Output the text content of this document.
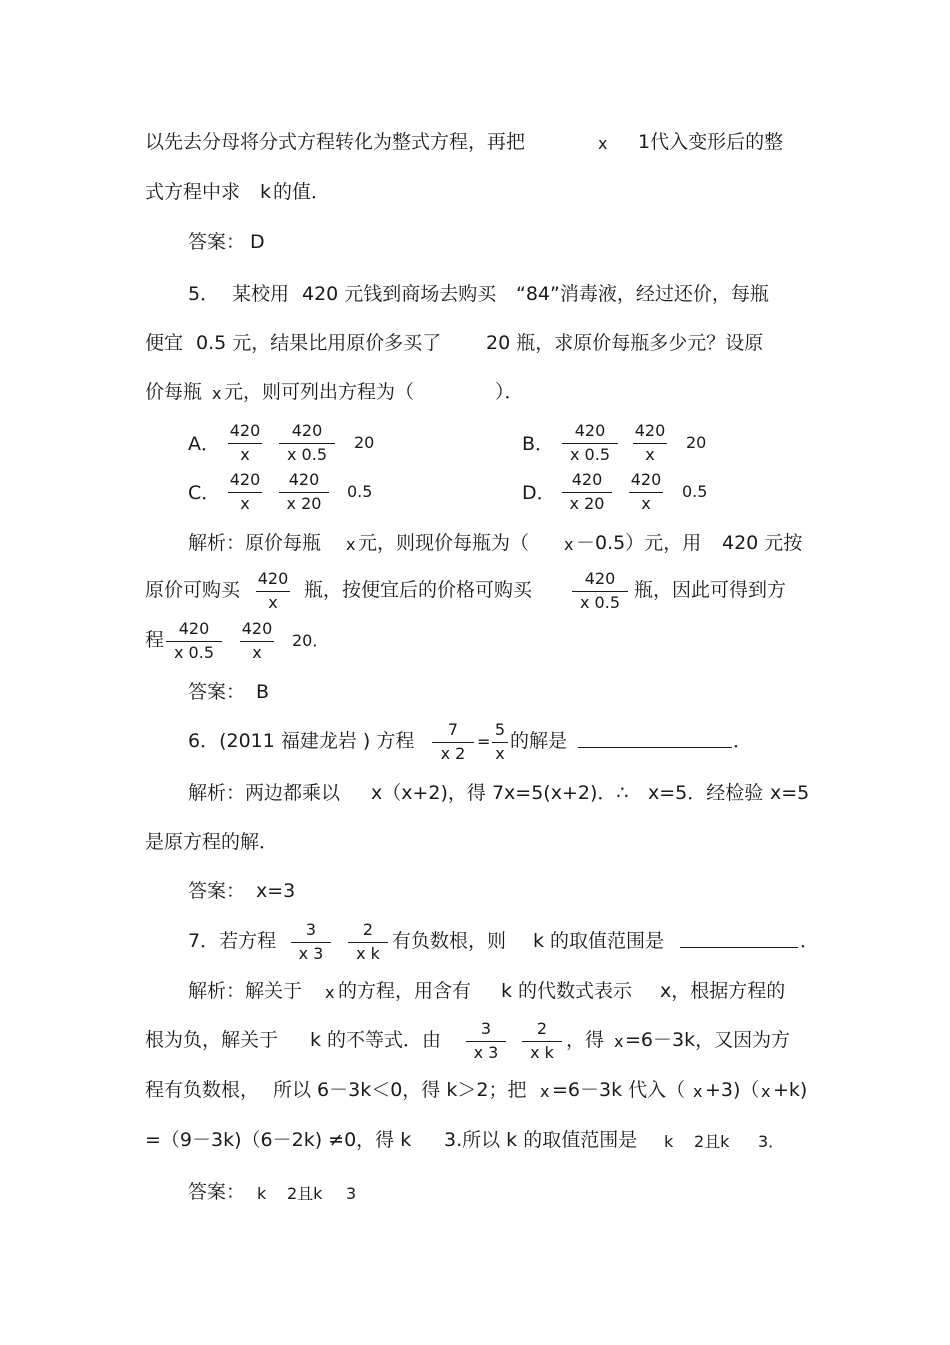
以先去分母将分式方程转化为整式方程，再把	x 1代入变形后的整
式方程中求 k 的值．
答案： D
5． 某校用 420 元钱到商场去购买 “84”消毒液，经过还价，每瓶
便宜 0.5 元，结果比用原价多买了 20 瓶，求原价每瓶多少元？设原
价每瓶 x 元，则可列出方程为（	）．
A．
420
x
420
x 0.5
20	B．
420
x 0.5
420
x
20
C．
420
x
420
x 20
0.5	D．
420
x 20
420
x
0.5
解析：原价每瓶 x 元，则现价每瓶为（ x －0.5）元，用 420 元按
原价可购买
420
x
瓶，按便宜后的价格可购买
420
x 0.5
瓶，因此可得到方
程
420
x 0.5
420
x
20．
答案： B
6．(2011 福建龙岩 ) 方程
7
x 2
=
5
x
的解是	．
解析：两边都乘以 x（x+2)，得 7x=5(x+2)．∴ x=5．经检验 x=5
是原方程的解．
答案： x=3
7．若方程
3
x 3
2
x k
有负数根，则 k 的取值范围是	．
解析：解关于 x 的方程，用含有 k 的代数式表示 x，根据方程的
根为负，解关于 k 的不等式．由
3
x 3
2
x k
，得 x =6－3k，又因为方
程有负数根， 所以 6－3k＜0，得 k＞2；把 x =6－3k 代入（ x +3)（ x +k)
=（9－3k)（6－2k) ≠0，得 k 3.所以 k 的取值范围是 k 2且k 3．
答案： k 2且k 3
